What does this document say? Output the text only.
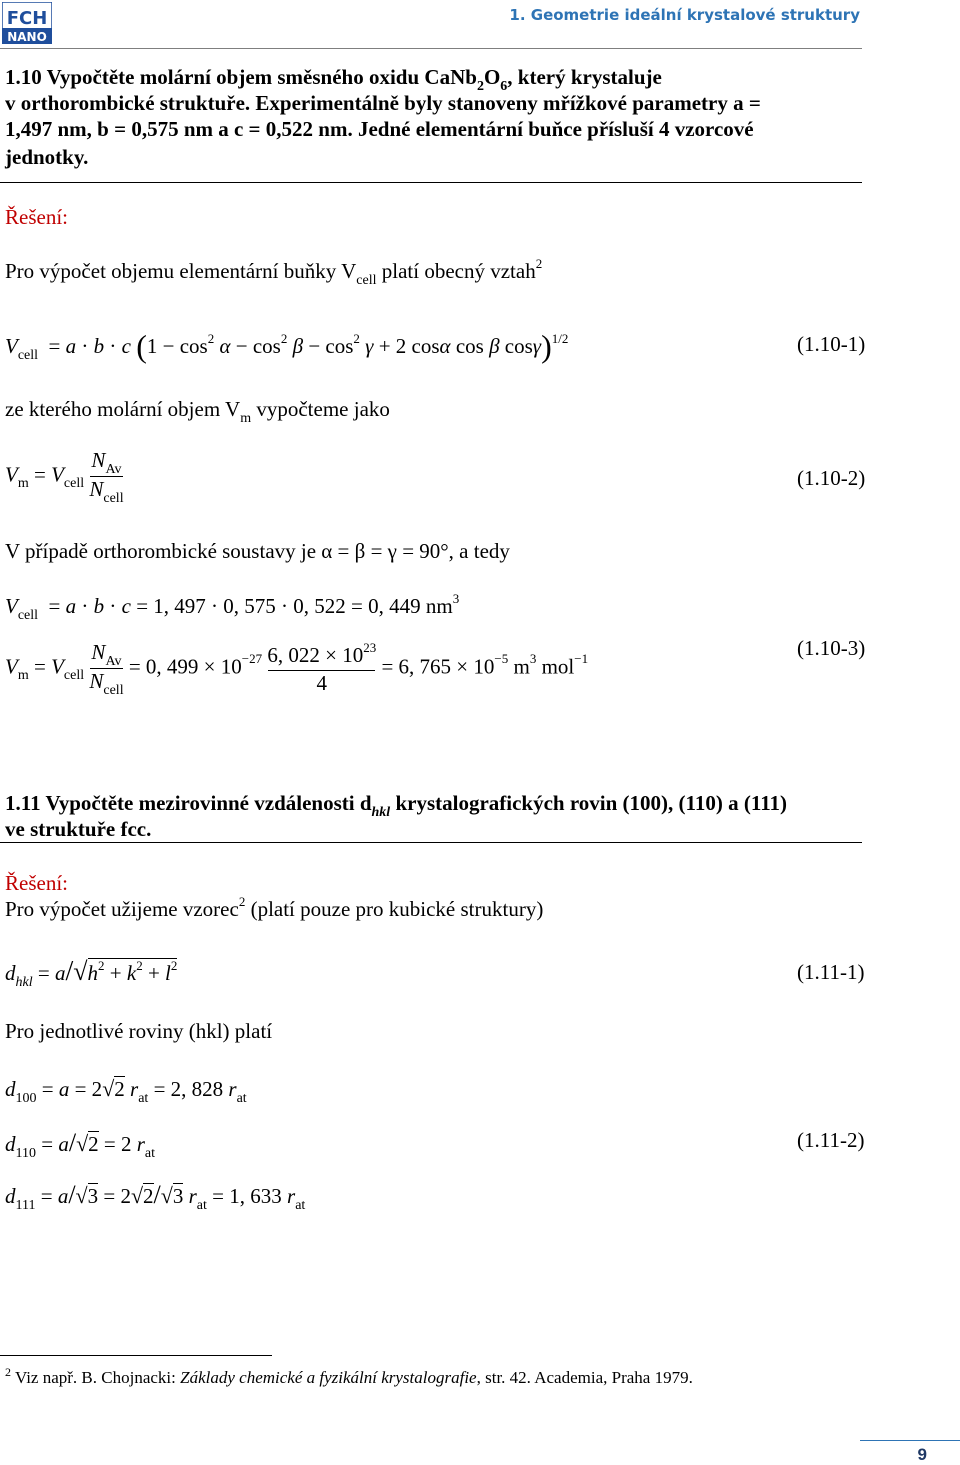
FCH
NANO
1. Geometrie ideální krystalové struktury
1.10 Vypočtěte molární objem směsného oxidu $CaNb_2O_6$, který krystaluje
v orthorombické struktuře. Experimentálně byly stanoveny mřížkové parametry a =
1,497 nm, b = 0,575 nm a c = 0,522 nm. Jedné elementární buňce přísluší 4 vzorcové
jednotky.
Řešení:
Pro výpočet objemu elementární buňky $V_{cell}$ platí obecný vztah$^2$
$V_{cell} = a \cdot b \cdot c$ ($1 - \cos^2 \alpha - \cos^2 \beta - \cos^2 \gamma + 2$ cosα cos β cosγ)$^{1/2}$	(1.10-1)
ze kterého molární objem $V_m$ vypočteme jako
$V_m = V_{cell} \frac{N_{Av}}{N_{cell}}$	(1.10-2)
V případě orthorombické soustavy je α = β = γ = 90°, a tedy
$V_{cell} = a \cdot b \cdot c = 1$, 497 · 0, 575 · 0, 522 = 0, 449 $nm^3$
$V_m = V_{cell} \frac{N_{Av}}{N_{cell}} = 0$, $499 \times 10^{-27} \frac{6, 022 \times 10^{23}}{4} = 6$, $765 \times 10^{-5}$ $m^3$ mol$^{-1}$	(1.10-3)
1.11 Vypočtěte mezirovinné vzdálenosti $d_{hkl}$ krystalografických rovin (100), (110) a (111)
ve struktuře fcc.
Řešení:
Pro výpočet užijeme vzorec$^2$ (platí pouze pro kubické struktury)
$d_{hkl} = a/√h^2 + k^2 + l^2$	(1.11-1)
Pro jednotlivé roviny (hkl) platí
$d_{100} = a = 2√2$ $r_{at} = 2$, 828 $r_{at}$
$d_{110} = a/√2 = 2$ $r_{at}$
(1.11-2)
$d_{111} = a/√3 = 2√2/√3$ $r_{at} = 1$, 633 $r_{at}$
$^2$ Viz např. B. Chojnacki: Základy chemické a fyzikální krystalografie, str. 42. Academia, Praha 1979.
9
